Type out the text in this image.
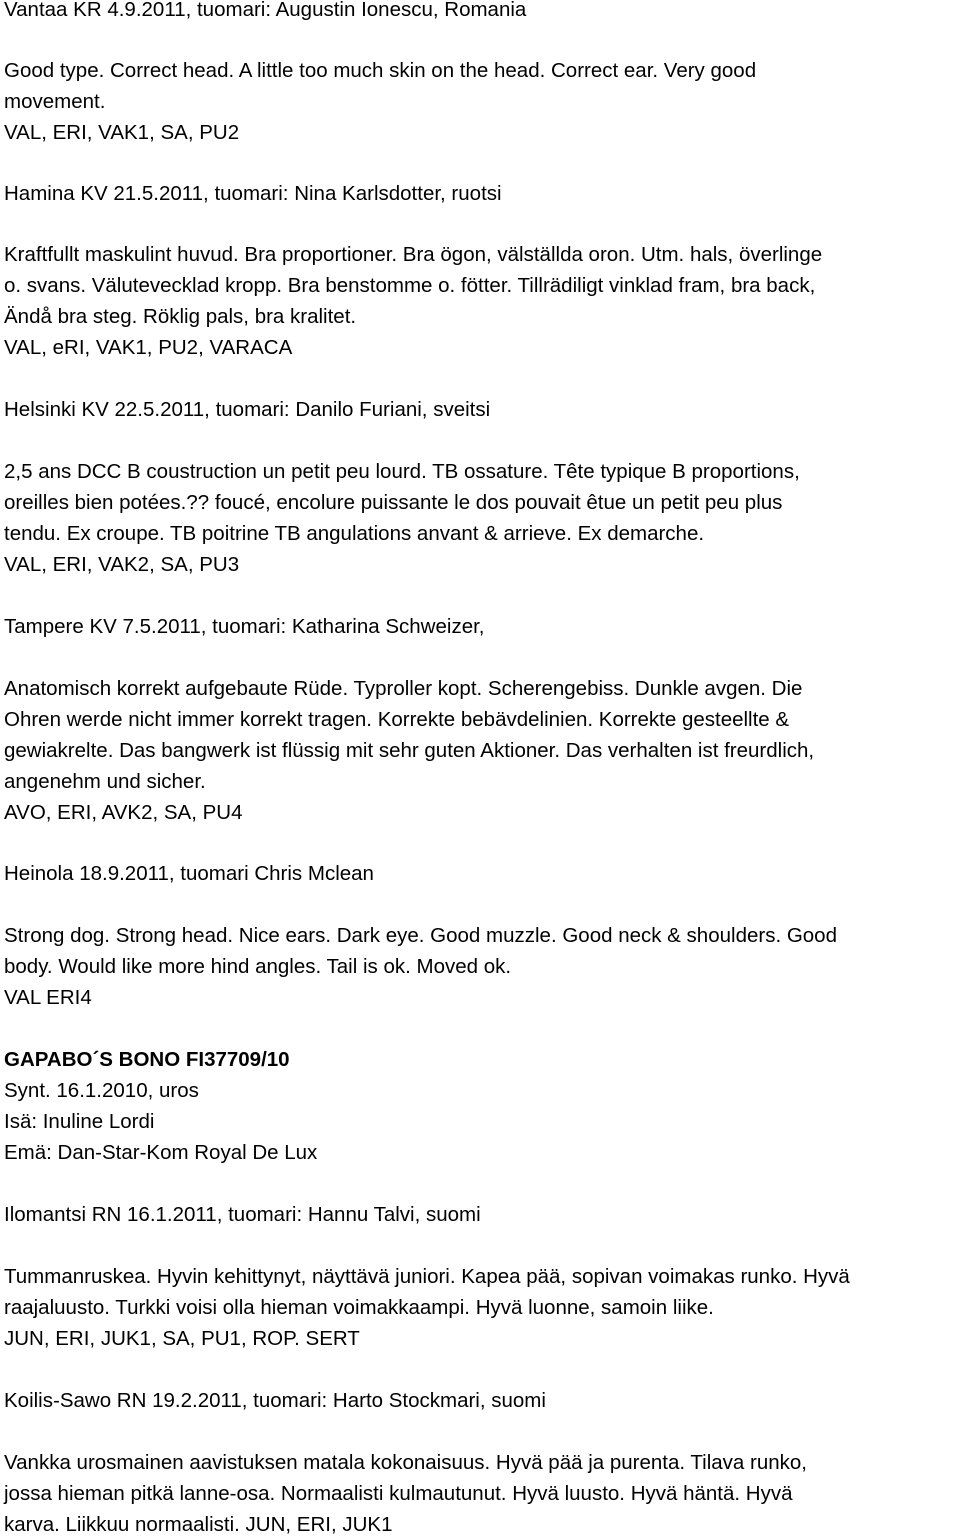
Vantaa KR 4.9.2011, tuomari: Augustin Ionescu, Romania
Good type. Correct head. A little too much skin on the head. Correct ear. Very good
movement.
VAL, ERI, VAK1, SA, PU2
Hamina KV 21.5.2011, tuomari: Nina Karlsdotter, ruotsi
Kraftfullt maskulint huvud. Bra proportioner. Bra ögon, välställda oron. Utm. hals, överlinge
o. svans. Välutevecklad kropp. Bra benstomme o. fötter. Tillrädiligt vinklad fram, bra back,
Ändå bra steg. Röklig pals, bra kralitet.
VAL, eRI, VAK1, PU2, VARACA
Helsinki KV 22.5.2011, tuomari: Danilo Furiani, sveitsi
2,5 ans DCC B coustruction un petit peu lourd. TB ossature. Tête typique B proportions,
oreilles bien potées.?? foucé, encolure puissante le dos pouvait êtue un petit peu plus
tendu. Ex croupe. TB poitrine TB angulations anvant & arrieve. Ex demarche.
VAL, ERI, VAK2, SA, PU3
Tampere KV 7.5.2011, tuomari: Katharina Schweizer,
Anatomisch korrekt aufgebaute Rüde. Typroller kopt. Scherengebiss. Dunkle avgen. Die
Ohren werde nicht immer korrekt tragen. Korrekte bebävdelinien. Korrekte gesteellte &
gewiakrelte. Das bangwerk ist flüssig mit sehr guten Aktioner. Das verhalten ist freurdlich,
angenehm und sicher.
AVO, ERI, AVK2, SA, PU4
Heinola 18.9.2011, tuomari Chris Mclean
Strong dog. Strong head. Nice ears. Dark eye. Good muzzle. Good neck & shoulders. Good
body. Would like more hind angles. Tail is ok. Moved ok.
VAL ERI4
GAPABO´S BONO FI37709/10
Synt. 16.1.2010, uros
Isä: Inuline Lordi
Emä: Dan-Star-Kom Royal De Lux
Ilomantsi RN 16.1.2011, tuomari: Hannu Talvi, suomi
Tummanruskea. Hyvin kehittynyt, näyttävä juniori. Kapea pää, sopivan voimakas runko. Hyvä
raajaluusto. Turkki voisi olla hieman voimakkaampi. Hyvä luonne, samoin liike.
JUN, ERI, JUK1, SA, PU1, ROP. SERT
Koilis-Sawo RN 19.2.2011, tuomari: Harto Stockmari, suomi
Vankka urosmainen aavistuksen matala kokonaisuus. Hyvä pää ja purenta. Tilava runko,
jossa hieman pitkä lanne-osa. Normaalisti kulmautunut. Hyvä luusto. Hyvä häntä. Hyvä
karva. Liikkuu normaalisti. JUN, ERI, JUK1
